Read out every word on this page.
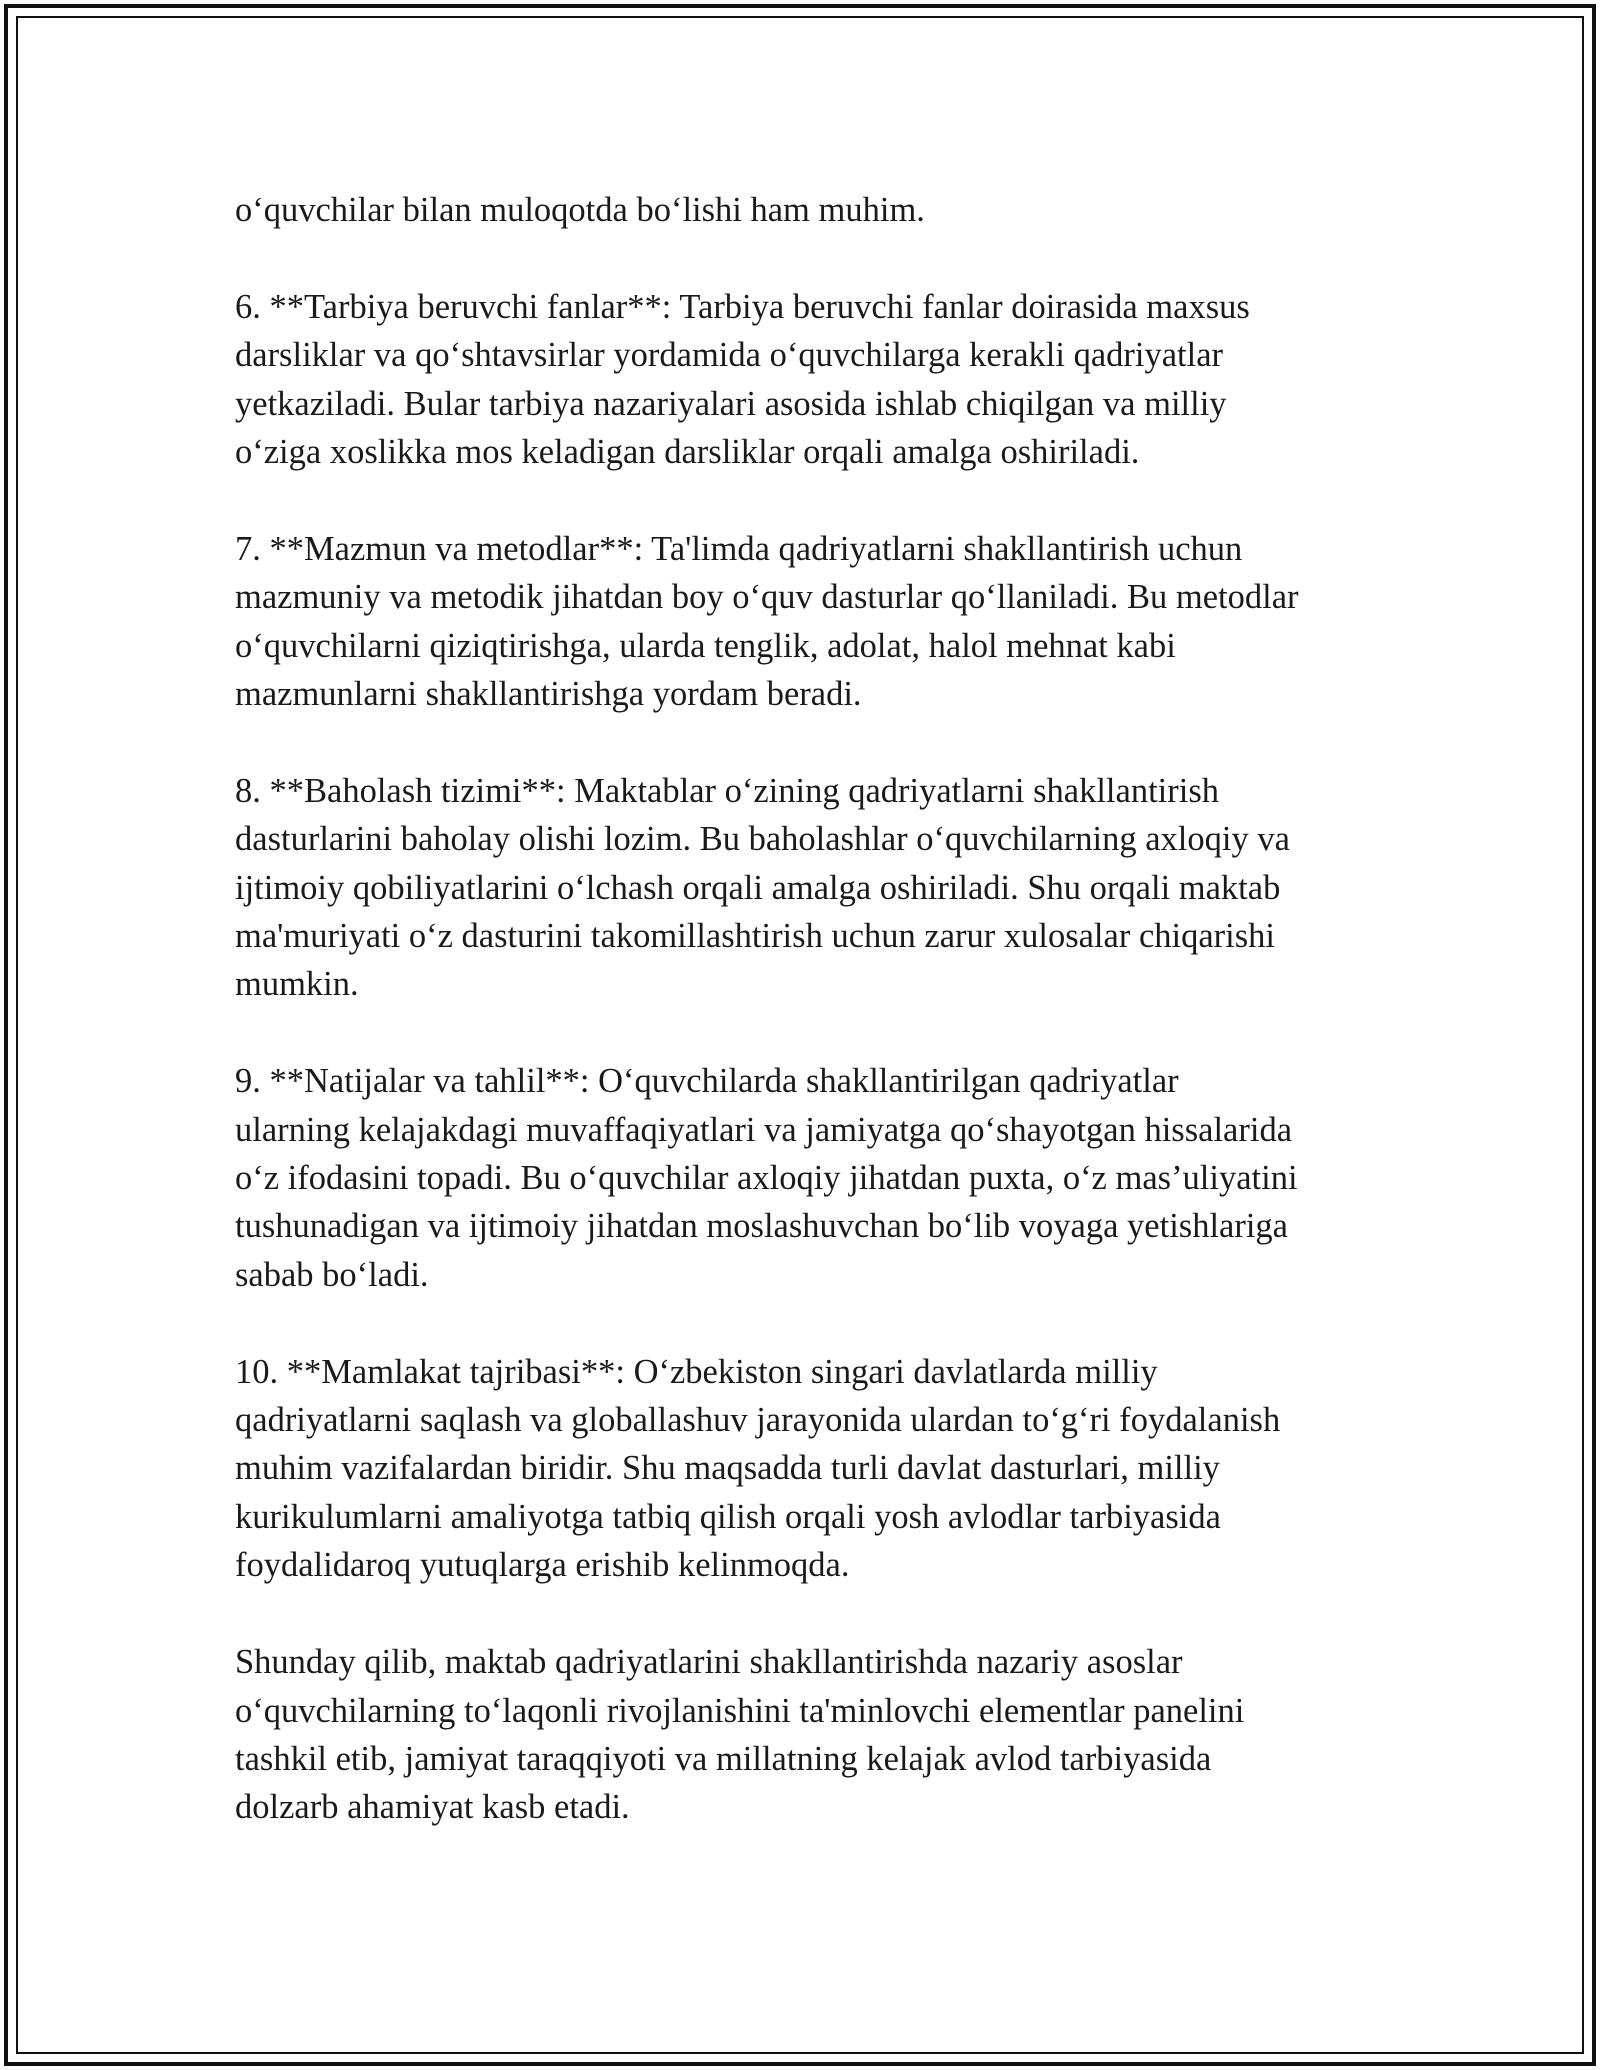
o‘quvchilar bilan muloqotda bo‘lishi ham muhim.

6. **Tarbiya beruvchi fanlar**: Tarbiya beruvchi fanlar doirasida maxsus
darsliklar va qo‘shtavsirlar yordamida o‘quvchilarga kerakli qadriyatlar
yetkaziladi. Bular tarbiya nazariyalari asosida ishlab chiqilgan va milliy
o‘ziga xoslikka mos keladigan darsliklar orqali amalga oshiriladi.

7. **Mazmun va metodlar**: Ta'limda qadriyatlarni shakllantirish uchun
mazmuniy va metodik jihatdan boy o‘quv dasturlar qo‘llaniladi. Bu metodlar
o‘quvchilarni qiziqtirishga, ularda tenglik, adolat, halol mehnat kabi
mazmunlarni shakllantirishga yordam beradi.

8. **Baholash tizimi**: Maktablar o‘zining qadriyatlarni shakllantirish
dasturlarini baholay olishi lozim. Bu baholashlar o‘quvchilarning axloqiy va
ijtimoiy qobiliyatlarini o‘lchash orqali amalga oshiriladi. Shu orqali maktab
ma'muriyati o‘z dasturini takomillashtirish uchun zarur xulosalar chiqarishi
mumkin.

9. **Natijalar va tahlil**: O‘quvchilarda shakllantirilgan qadriyatlar
ularning kelajakdagi muvaffaqiyatlari va jamiyatga qo‘shayotgan hissalarida
o‘z ifodasini topadi. Bu o‘quvchilar axloqiy jihatdan puxta, o‘z mas’uliyatini
tushunadigan va ijtimoiy jihatdan moslashuvchan bo‘lib voyaga yetishlariga
sabab bo‘ladi.

10. **Mamlakat tajribasi**: O‘zbekiston singari davlatlarda milliy
qadriyatlarni saqlash va globallashuv jarayonida ulardan to‘g‘ri foydalanish
muhim vazifalardan biridir. Shu maqsadda turli davlat dasturlari, milliy
kurikulumlarni amaliyotga tatbiq qilish orqali yosh avlodlar tarbiyasida
foydalidaroq yutuqlarga erishib kelinmoqda.

Shunday qilib, maktab qadriyatlarini shakllantirishda nazariy asoslar
o‘quvchilarning to‘laqonli rivojlanishini ta'minlovchi elementlar panelini
tashkil etib, jamiyat taraqqiyoti va millatning kelajak avlod tarbiyasida
dolzarb ahamiyat kasb etadi.
